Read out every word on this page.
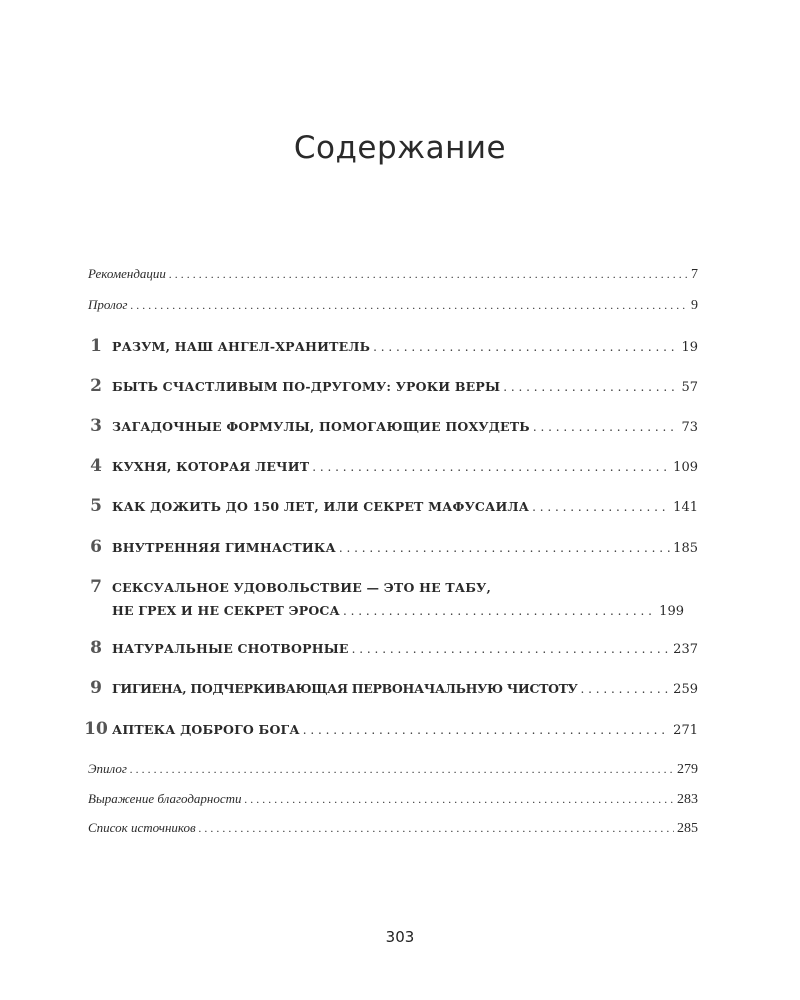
Содержание
Рекомендации . . .	7
Пролог . . .	9
1 РАЗУМ, НАШ АНГЕЛ-ХРАНИТЕЛЬ . . .	19
2 БЫТЬ СЧАСТЛИВЫМ ПО-ДРУГОМУ: УРОКИ ВЕРЫ . . .	57
3 ЗАГАДОЧНЫЕ ФОРМУЛЫ, ПОМОГАЮЩИЕ ПОХУДЕТЬ . . .	73
4 КУХНЯ, КОТОРАЯ ЛЕЧИТ . . .	109
5 КАК ДОЖИТЬ ДО 150 ЛЕТ, ИЛИ СЕКРЕТ МАФУСАИЛА . . .	141
6 ВНУТРЕННЯЯ ГИМНАСТИКА . . .	185
7 СЕКСУАЛЬНОЕ УДОВОЛЬСТВИЕ — ЭТО НЕ ТАБУ,
НЕ ГРЕХ И НЕ СЕКРЕТ ЭРОСА . . .	199
8 НАТУРАЛЬНЫЕ СНОТВОРНЫЕ . . .	237
9 ГИГИЕНА, ПОДЧЕРКИВАЮЩАЯ ПЕРВОНАЧАЛЬНУЮ ЧИСТОТУ . . .	259
10 АПТЕКА ДОБРОГО БОГА . . .	271
Эпилог . . .	279
Выражение благодарности . . .	283
Список источников . . .	285
303
